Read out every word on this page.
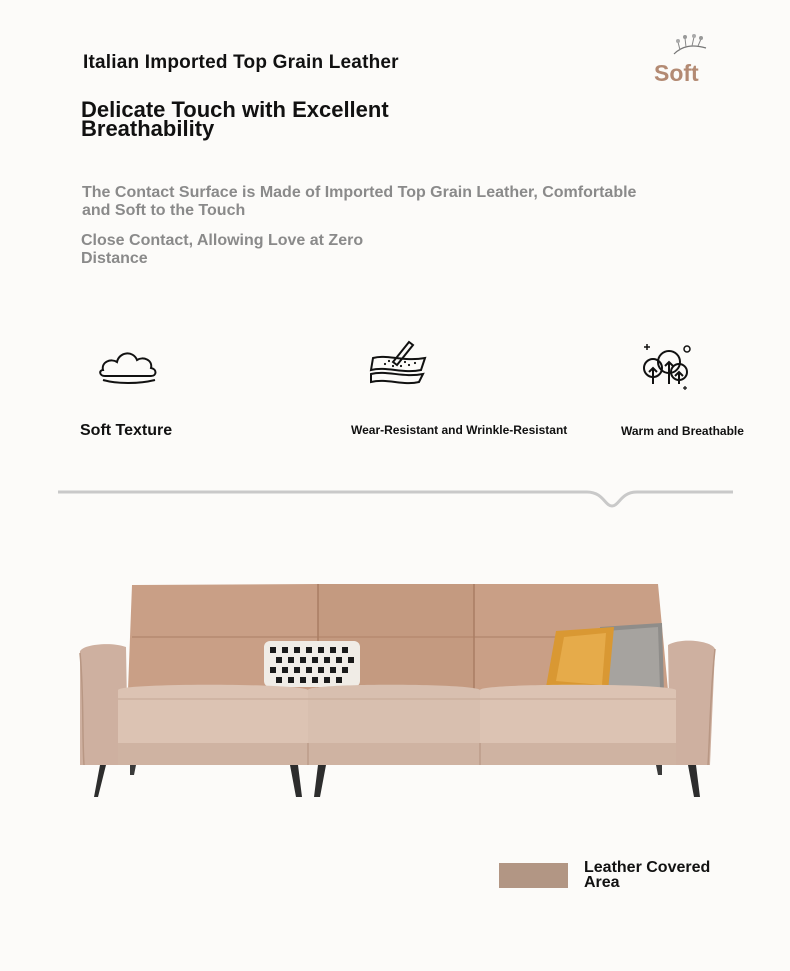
Italian Imported Top Grain Leather	Soft
Delicate Touch with Excellent Breathability
The Contact Surface is Made of Imported Top Grain Leather, Comfortable and Soft to the Touch
Close Contact, Allowing Love at Zero Distance
Soft Texture	Wear-Resistant and Wrinkle-Resistant	Warm and Breathable
Leather Covered Area
